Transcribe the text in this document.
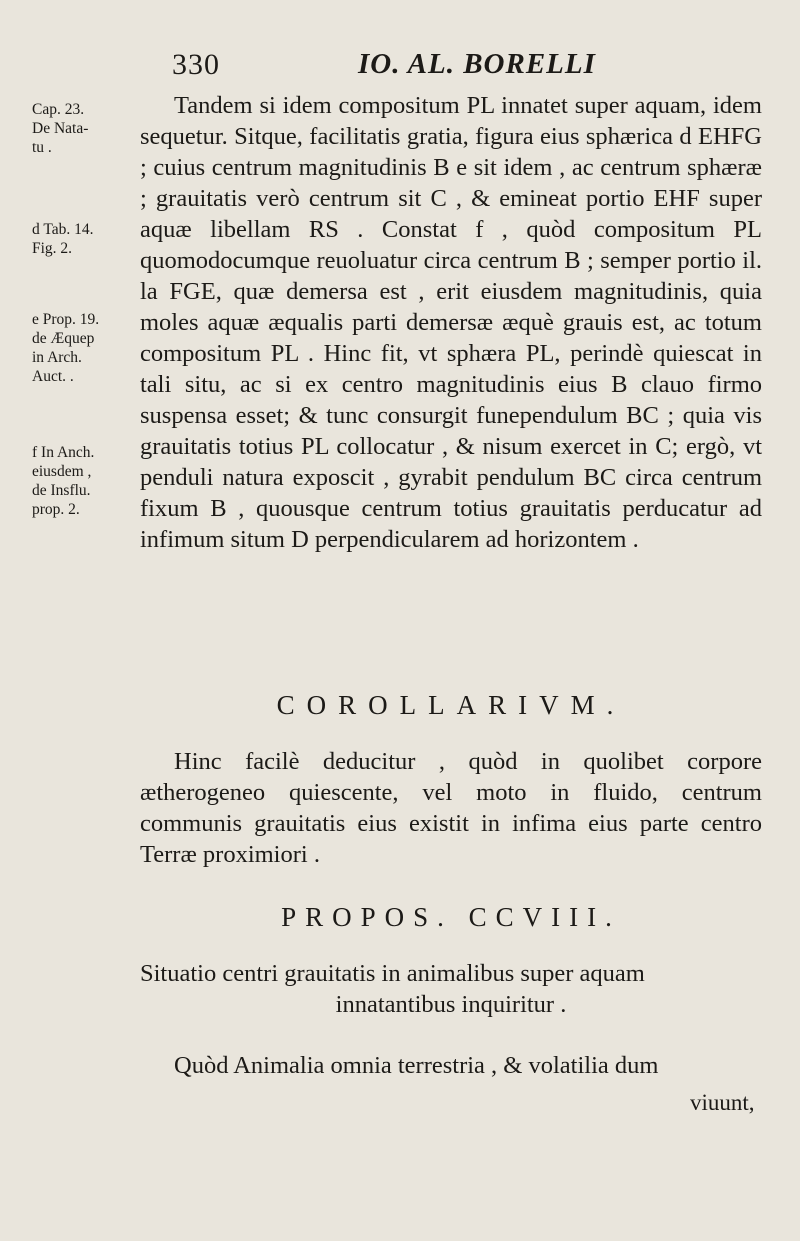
330	IO. AL. BORELLI
Cap. 23.
De Nata-
tu .
d Tab. 14.
Fig. 2.
e Prop. 19.
de Æquep
in Arch.
Auct. .
f In Anch.
eiusdem ,
de Insflu.
prop. 2.
Tandem si idem compositum PL innatet super aquam, idem sequetur. Sitque, facilitatis gratia, figura eius sphærica d EHFG ; cuius centrum magnitudinis B e sit idem , ac centrum sphæræ ; grauitatis verò centrum sit C , & emineat portio EHF super aquæ libellam RS . Constat f , quòd compositum PL quomodocumque reuoluatur circa centrum B ; semper portio il. la FGE, quæ demersa est , erit eiusdem magnitudinis, quia moles aquæ æqualis parti demersæ æquè grauis est, ac totum compositum PL . Hinc fit, vt sphæra PL, perindè quiescat in tali situ, ac si ex centro magnitudinis eius B clauo firmo suspensa esset; & tunc consurgit funependulum BC ; quia vis grauitatis totius PL collocatur , & nisum exercet in C; ergò, vt penduli natura exposcit , gyrabit pendulum BC circa centrum fixum B , quousque centrum totius grauitatis perducatur ad infimum situm D perpendicularem ad horizontem .
COROLLARIVM.
Hinc facilè deducitur , quòd in quolibet corpore ætherogeneo quiescente, vel moto in fluido, centrum communis grauitatis eius existit in infima eius parte centro Terræ proximiori .
PROPOS. CCVIII.
Situatio centri grauitatis in animalibus super aquam
innatantibus inquiritur .
Quòd Animalia omnia terrestria , & volatilia dum
viuunt,
